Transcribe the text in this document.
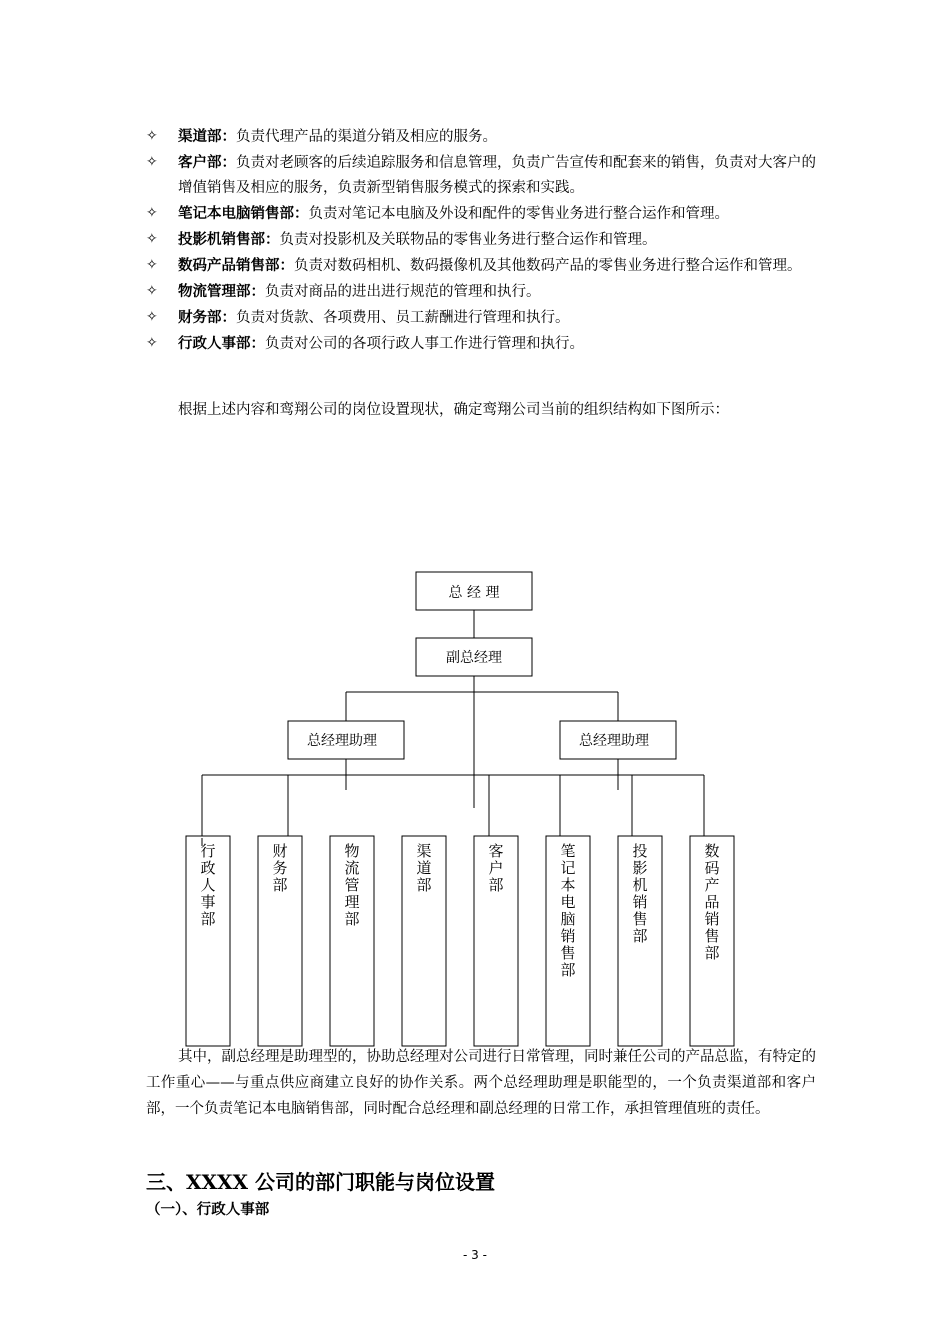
✧ 渠道部：负责代理产品的渠道分销及相应的服务。
✧ 客户部：负责对老顾客的后续追踪服务和信息管理，负责广告宣传和配套来的销售，负责对大客户的增值销售及相应的服务，负责新型销售服务模式的探索和实践。
✧ 笔记本电脑销售部：负责对笔记本电脑及外设和配件的零售业务进行整合运作和管理。
✧ 投影机销售部：负责对投影机及关联物品的零售业务进行整合运作和管理。
✧ 数码产品销售部：负责对数码相机、数码摄像机及其他数码产品的零售业务进行整合运作和管理。
✧ 物流管理部：负责对商品的进出进行规范的管理和执行。
✧ 财务部：负责对货款、各项费用、员工薪酬进行管理和执行。
✧ 行政人事部：负责对公司的各项行政人事工作进行管理和执行。
根据上述内容和鸾翔公司的岗位设置现状，确定鸾翔公司当前的组织结构如下图所示：
总 经 理
副总经理
总经理助理	总经理助理
行
政
人
事
部
财
务
部
物
流
管
理
部
渠
道
部
客
户
部
笔
记
本
电
脑
销
售
部
投
影
机
销
售
部
数
码
产
品
销
售
部
其中，副总经理是助理型的，协助总经理对公司进行日常管理，同时兼任公司的产品总监，有特定的工作重心——与重点供应商建立良好的协作关系。两个总经理助理是职能型的，一个负责渠道部和客户部，一个负责笔记本电脑销售部，同时配合总经理和副总经理的日常工作，承担管理值班的责任。
三、XXXX 公司的部门职能与岗位设置
（一）、行政人事部
- 3 -
